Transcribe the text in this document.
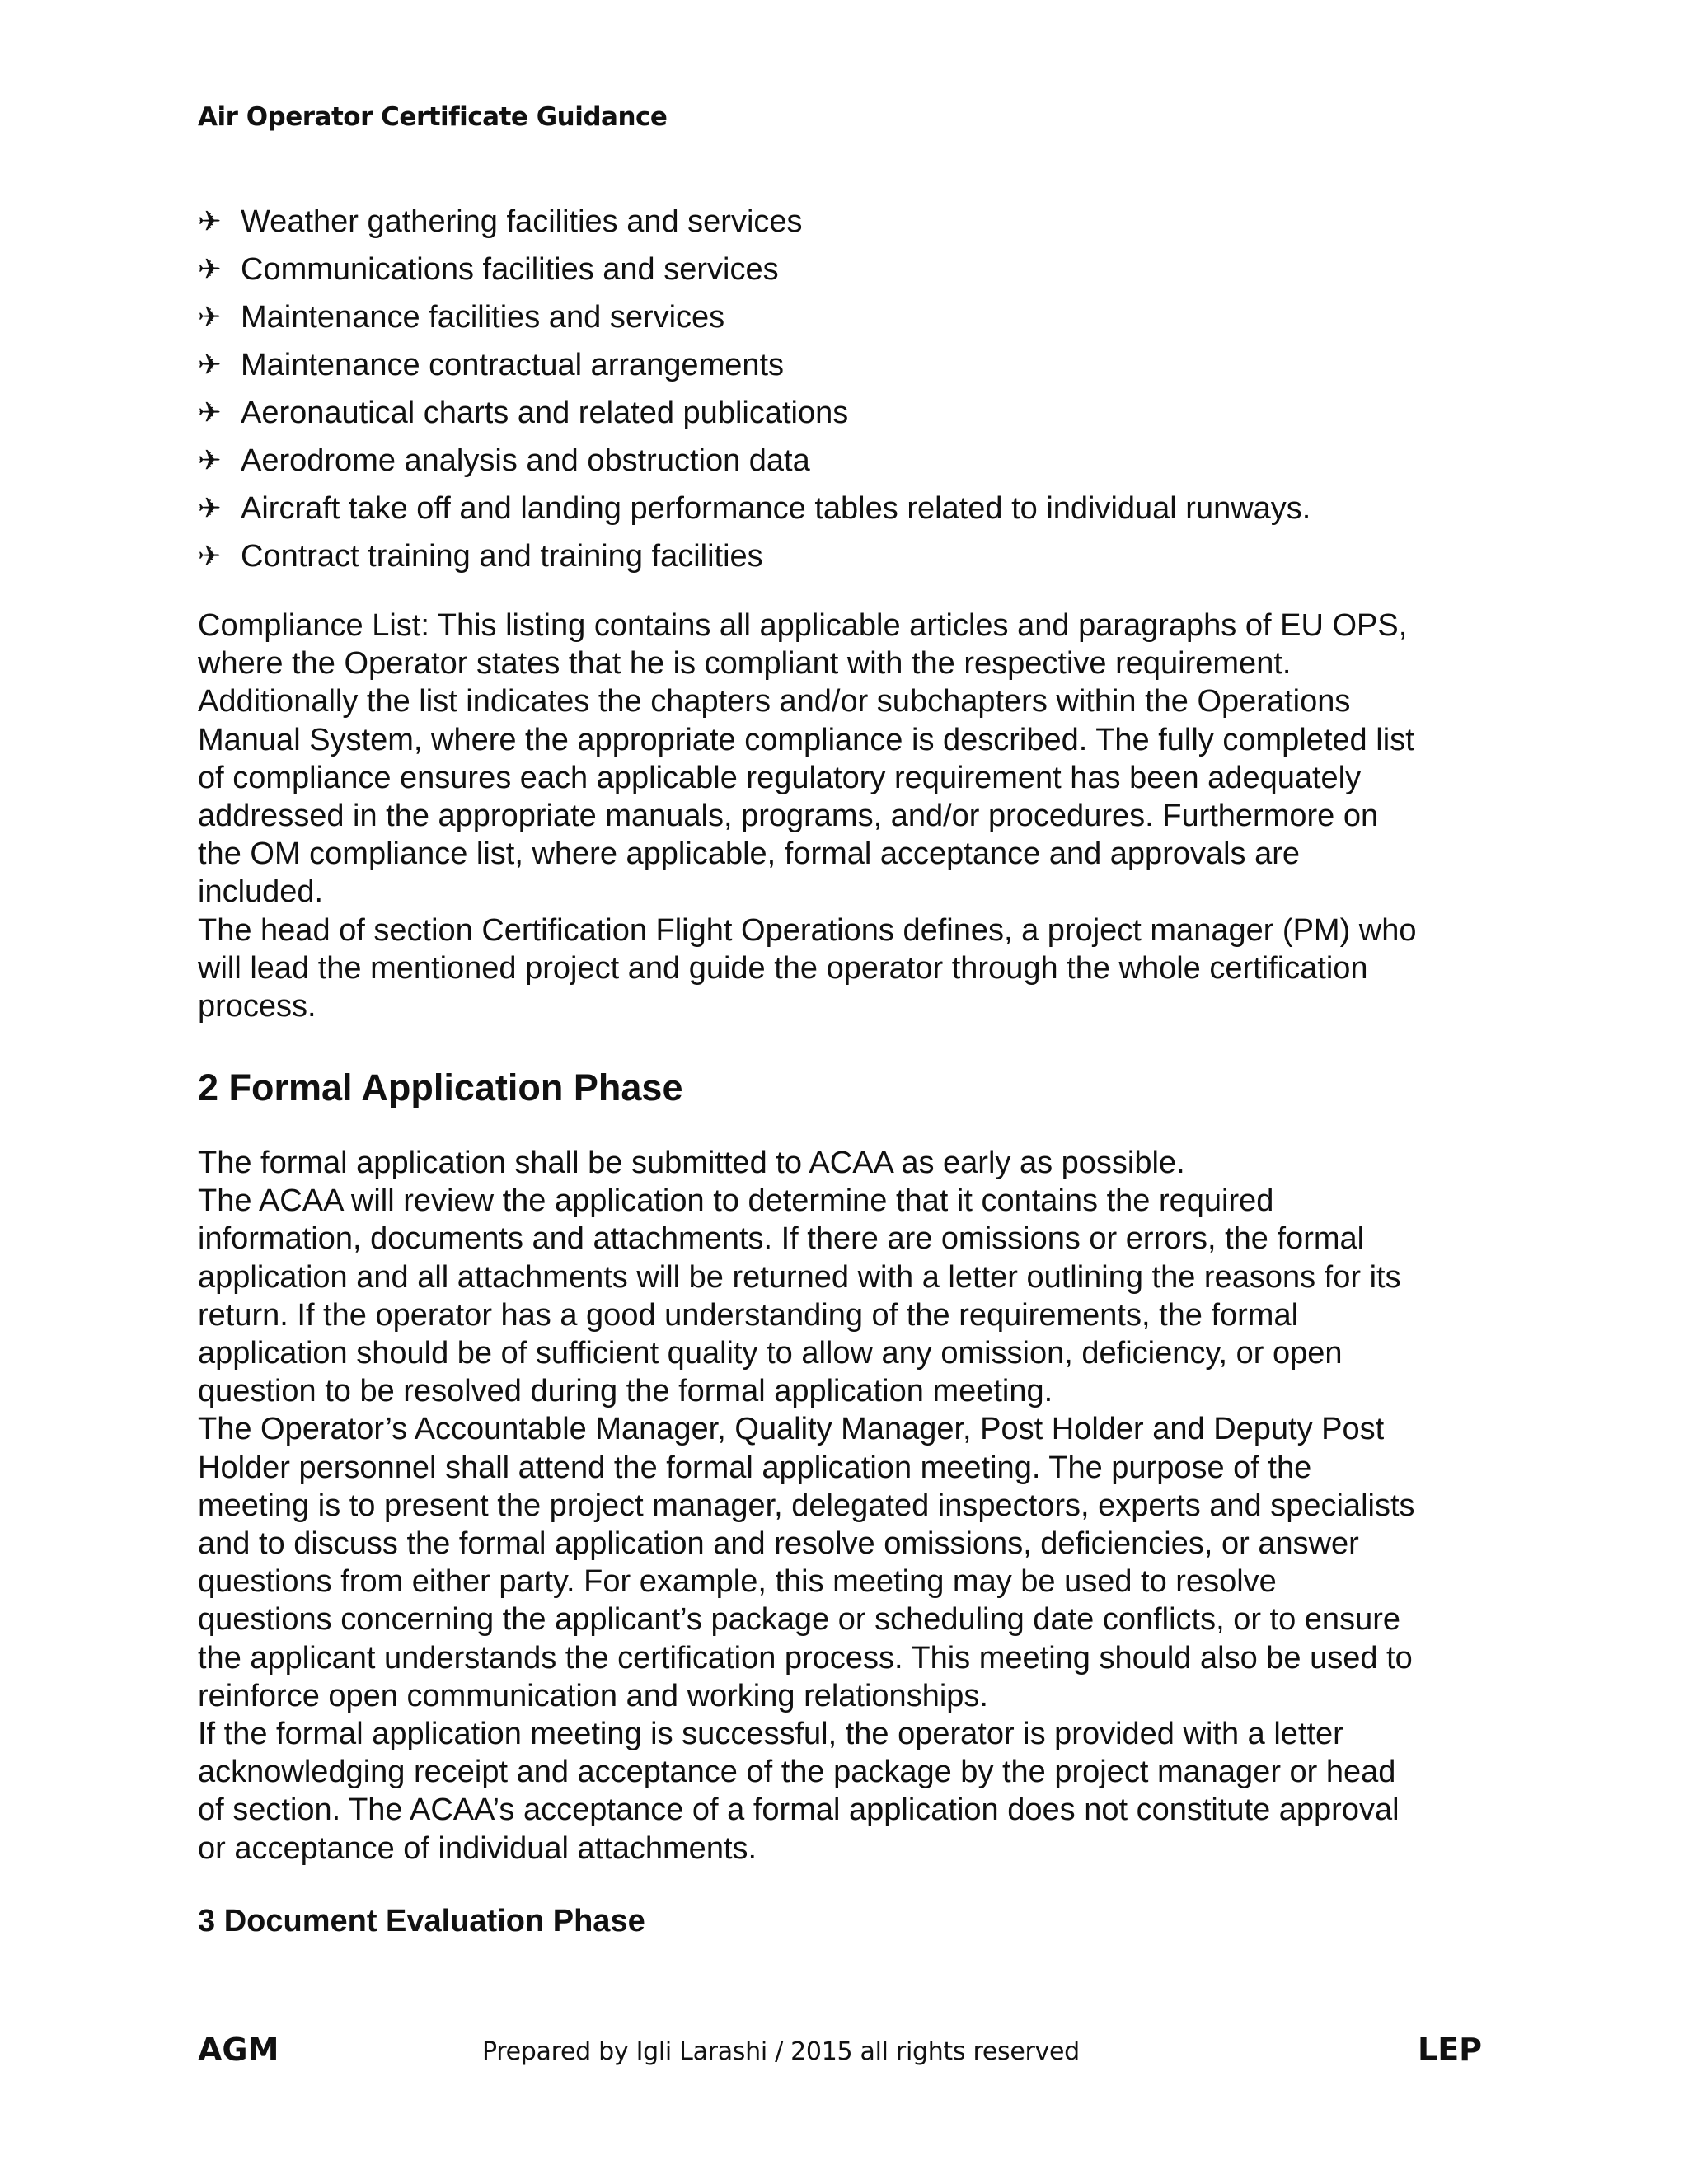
Air Operator Certificate Guidance
✈ Weather gathering facilities and services
✈ Communications facilities and services
✈ Maintenance facilities and services
✈ Maintenance contractual arrangements
✈ Aeronautical charts and related publications
✈ Aerodrome analysis and obstruction data
✈ Aircraft take off and landing performance tables related to individual runways.
✈ Contract training and training facilities

Compliance List: This listing contains all applicable articles and paragraphs of EU OPS,
where the Operator states that he is compliant with the respective requirement.
Additionally the list indicates the chapters and/or subchapters within the Operations
Manual System, where the appropriate compliance is described. The fully completed list
of compliance ensures each applicable regulatory requirement has been adequately
addressed in the appropriate manuals, programs, and/or procedures. Furthermore on
the OM compliance list, where applicable, formal acceptance and approvals are
included.
The head of section Certification Flight Operations defines, a project manager (PM) who
will lead the mentioned project and guide the operator through the whole certification
process.

2 Formal Application Phase

The formal application shall be submitted to ACAA as early as possible.
The ACAA will review the application to determine that it contains the required
information, documents and attachments. If there are omissions or errors, the formal
application and all attachments will be returned with a letter outlining the reasons for its
return. If the operator has a good understanding of the requirements, the formal
application should be of sufficient quality to allow any omission, deficiency, or open
question to be resolved during the formal application meeting.
The Operator’s Accountable Manager, Quality Manager, Post Holder and Deputy Post
Holder personnel shall attend the formal application meeting. The purpose of the
meeting is to present the project manager, delegated inspectors, experts and specialists
and to discuss the formal application and resolve omissions, deficiencies, or answer
questions from either party. For example, this meeting may be used to resolve
questions concerning the applicant’s package or scheduling date conflicts, or to ensure
the applicant understands the certification process. This meeting should also be used to
reinforce open communication and working relationships.
If the formal application meeting is successful, the operator is provided with a letter
acknowledging receipt and acceptance of the package by the project manager or head
of section. The ACAA’s acceptance of a formal application does not constitute approval
or acceptance of individual attachments.

3 Document Evaluation Phase
AGM	Prepared by Igli Larashi / 2015 all rights reserved	LEP
